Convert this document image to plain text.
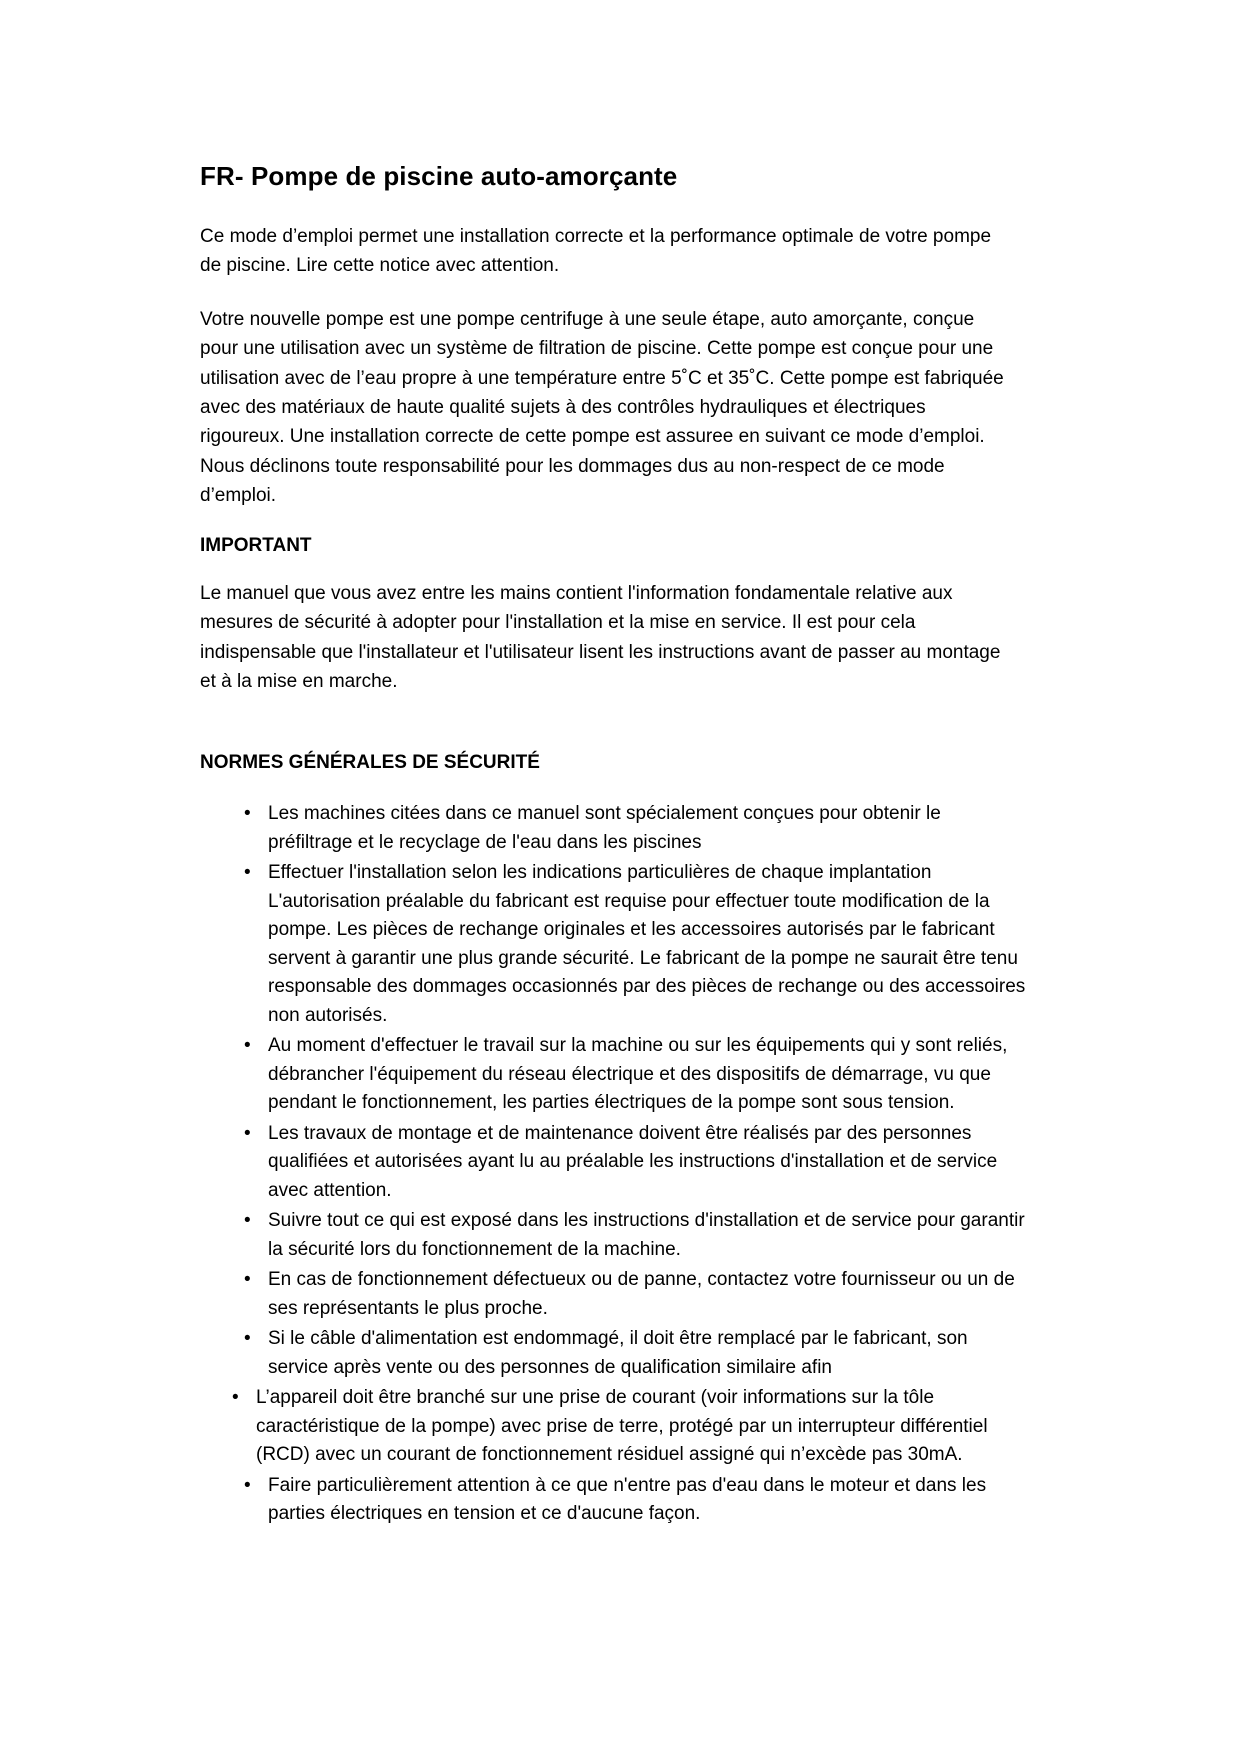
FR- Pompe de piscine auto-amorçante

Ce mode d’emploi permet une installation correcte et la performance optimale de votre pompe de piscine. Lire cette notice avec attention.

Votre nouvelle pompe est une pompe centrifuge à une seule étape, auto amorçante, conçue pour une utilisation avec un système de filtration de piscine. Cette pompe est conçue pour une utilisation avec de l’eau propre à une température entre 5˚C et 35˚C. Cette pompe est fabriquée avec des matériaux de haute qualité sujets à des contrôles hydrauliques et électriques rigoureux. Une installation correcte de cette pompe est assuree en suivant ce mode d’emploi. Nous déclinons toute responsabilité pour les dommages dus au non-respect de ce mode d’emploi.

IMPORTANT

Le manuel que vous avez entre les mains contient l'information fondamentale relative aux mesures de sécurité à adopter pour l'installation et la mise en service. Il est pour cela indispensable que l'installateur et l'utilisateur lisent les instructions avant de passer au montage et à la mise en marche.

NORMES GÉNÉRALES DE SÉCURITÉ
• Les machines citées dans ce manuel sont spécialement conçues pour obtenir le préfiltrage et le recyclage de l'eau dans les piscines
• Effectuer l'installation selon les indications particulières de chaque implantation L'autorisation préalable du fabricant est requise pour effectuer toute modification de la pompe. Les pièces de rechange originales et les accessoires autorisés par le fabricant servent à garantir une plus grande sécurité. Le fabricant de la pompe ne saurait être tenu responsable des dommages occasionnés par des pièces de rechange ou des accessoires non autorisés.
• Au moment d'effectuer le travail sur la machine ou sur les équipements qui y sont reliés, débrancher l'équipement du réseau électrique et des dispositifs de démarrage, vu que pendant le fonctionnement, les parties électriques de la pompe sont sous tension.
• Les travaux de montage et de maintenance doivent être réalisés par des personnes qualifiées et autorisées ayant lu au préalable les instructions d'installation et de service avec attention.
• Suivre tout ce qui est exposé dans les instructions d'installation et de service pour garantir la sécurité lors du fonctionnement de la machine.
• En cas de fonctionnement défectueux ou de panne, contactez votre fournisseur ou un de ses représentants le plus proche.
• Si le câble d'alimentation est endommagé, il doit être remplacé par le fabricant, son service après vente ou des personnes de qualification similaire afin
• L’appareil doit être branché sur une prise de courant (voir informations sur la tôle caractéristique de la pompe) avec prise de terre, protégé par un interrupteur différentiel (RCD) avec un courant de fonctionnement résiduel assigné qui n’excède pas 30mA.
• Faire particulièrement attention à ce que n'entre pas d'eau dans le moteur et dans les parties électriques en tension et ce d'aucune façon.
